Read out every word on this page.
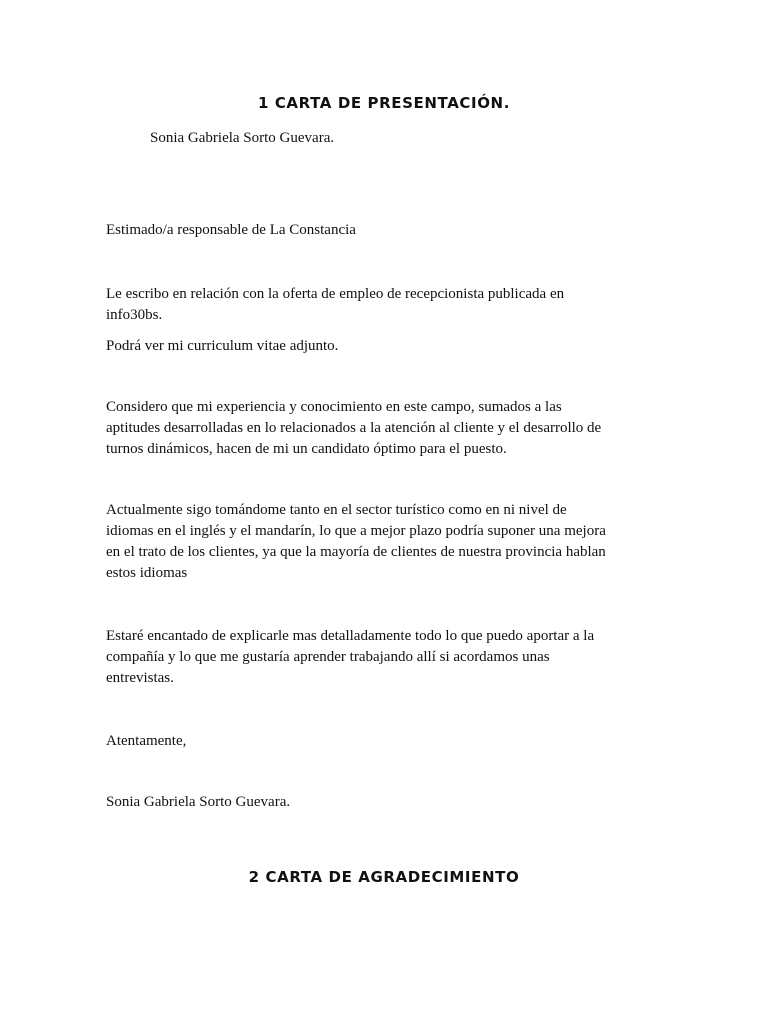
1 CARTA DE PRESENTACIÓN.
Sonia Gabriela Sorto Guevara.
Estimado/a responsable de La Constancia
Le escribo en relación con la oferta de empleo de recepcionista publicada en
info30bs.
Podrá ver mi curriculum vitae adjunto.
Considero que mi experiencia y conocimiento en este campo, sumados a las
aptitudes desarrolladas en lo relacionados a la atención al cliente y el desarrollo de
turnos dinámicos, hacen de mi un candidato óptimo para el puesto.
Actualmente sigo tomándome tanto en el sector turístico como en ni nivel de
idiomas en el inglés y el mandarín, lo que a mejor plazo podría suponer una mejora
en el trato de los clientes, ya que la mayoría de clientes de nuestra provincia hablan
estos idiomas
Estaré encantado de explicarle mas detalladamente todo lo que puedo aportar a la
compañía y lo que me gustaría aprender trabajando allí si acordamos unas
entrevistas.
Atentamente,
Sonia Gabriela Sorto Guevara.
2 CARTA DE AGRADECIMIENTO
